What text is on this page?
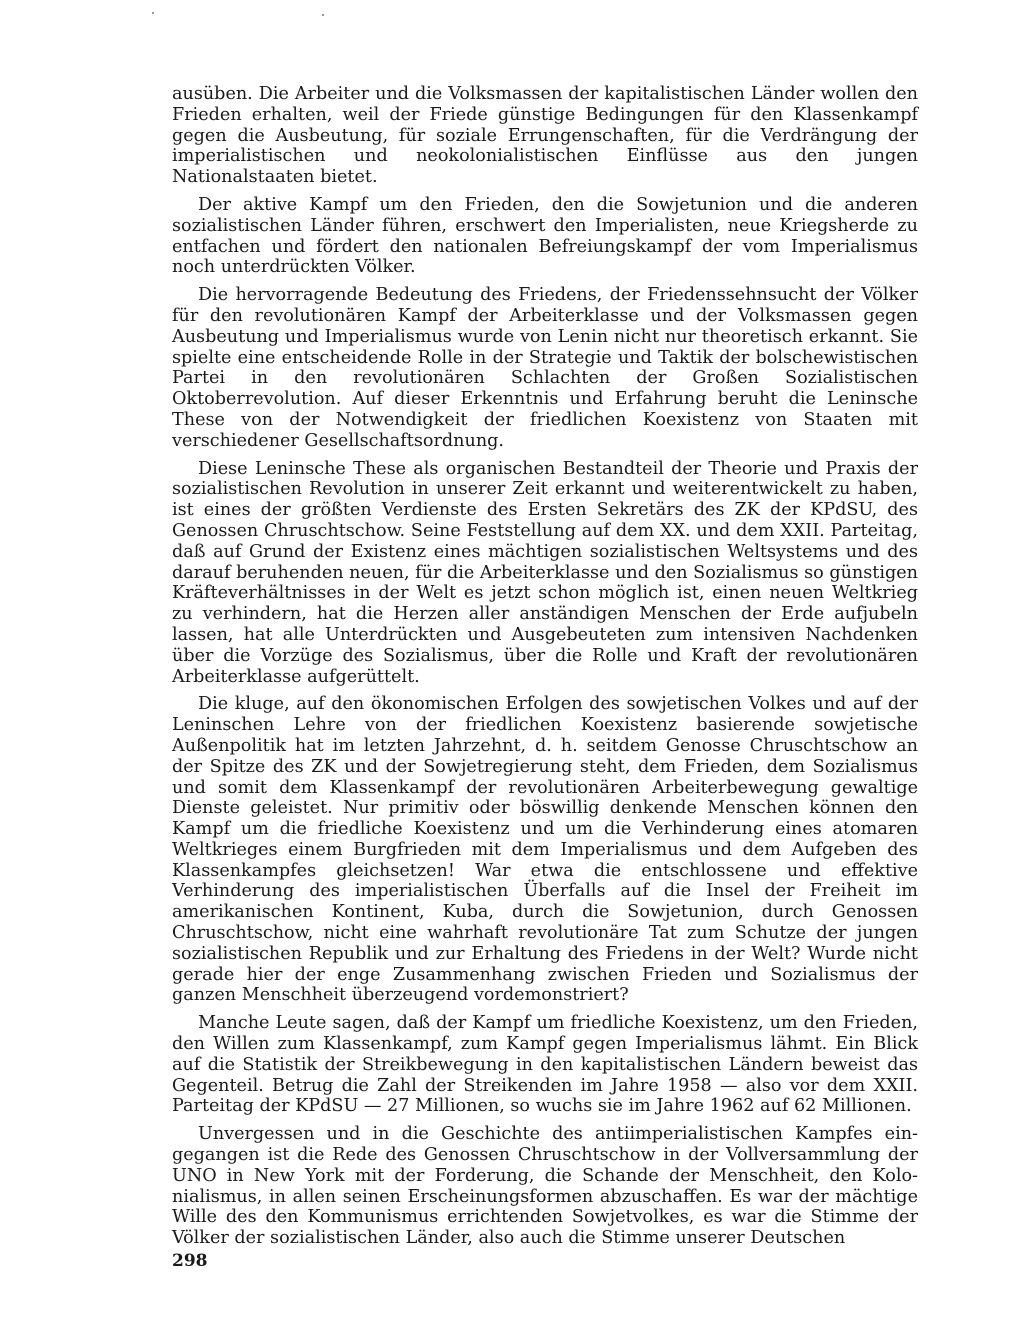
ausüben. Die Arbeiter und die Volksmassen der kapitalistischen Länder wollen den Frieden erhalten, weil der Friede günstige Bedingungen für den Klassenkampf gegen die Ausbeutung, für soziale Errungenschaften, für die Verdrängung der imperialistischen und neokolonialistischen Einflüsse aus den jungen Nationalstaaten bietet.

Der aktive Kampf um den Frieden, den die Sowjetunion und die anderen sozialistischen Länder führen, erschwert den Imperialisten, neue Kriegsherde zu entfachen und fördert den nationalen Befreiungskampf der vom Imperialismus noch unterdrückten Völker.

Die hervorragende Bedeutung des Friedens, der Friedenssehnsucht der Völker für den revolutionären Kampf der Arbeiterklasse und der Volksmassen gegen Ausbeutung und Imperialismus wurde von Lenin nicht nur theoretisch erkannt. Sie spielte eine entscheidende Rolle in der Strategie und Taktik der bolschewistischen Partei in den revolutionären Schlachten der Großen Sozialistischen Oktoberrevolution. Auf dieser Erkenntnis und Erfahrung beruht die Leninsche These von der Notwendigkeit der friedlichen Koexistenz von Staaten mit verschiedener Gesellschaftsordnung.

Diese Leninsche These als organischen Bestandteil der Theorie und Praxis der sozialistischen Revolution in unserer Zeit erkannt und weiterentwickelt zu haben, ist eines der größten Verdienste des Ersten Sekretärs des ZK der KPdSU, des Genossen Chruschtschow. Seine Feststellung auf dem XX. und dem XXII. Parteitag, daß auf Grund der Existenz eines mächtigen sozialistischen Weltsystems und des darauf beruhenden neuen, für die Arbeiterklasse und den Sozialismus so günstigen Kräfteverhältnisses in der Welt es jetzt schon möglich ist, einen neuen Weltkrieg zu verhindern, hat die Herzen aller anständigen Menschen der Erde aufjubeln lassen, hat alle Unterdrückten und Ausgebeuteten zum intensiven Nachdenken über die Vorzüge des Sozialismus, über die Rolle und Kraft der revolutionären Arbeiterklasse aufgerüttelt.

Die kluge, auf den ökonomischen Erfolgen des sowjetischen Volkes und auf der Leninschen Lehre von der friedlichen Koexistenz basierende sowjetische Außenpolitik hat im letzten Jahrzehnt, d. h. seitdem Genosse Chruschtschow an der Spitze des ZK und der Sowjetregierung steht, dem Frieden, dem Sozialismus und somit dem Klassenkampf der revolutionären Arbeiterbewegung gewaltige Dienste geleistet. Nur primitiv oder böswillig denkende Menschen können den Kampf um die friedliche Koexistenz und um die Verhinderung eines atomaren Weltkrieges einem Burgfrieden mit dem Imperialismus und dem Aufgeben des Klassenkampfes gleichsetzen! War etwa die entschlossene und effektive Verhinderung des imperialistischen Überfalls auf die Insel der Freiheit im amerikanischen Kontinent, Kuba, durch die Sowjetunion, durch Genossen Chruschtschow, nicht eine wahrhaft revolutionäre Tat zum Schutze der jungen sozialistischen Republik und zur Erhaltung des Friedens in der Welt? Wurde nicht gerade hier der enge Zusammenhang zwischen Frieden und Sozialismus der ganzen Menschheit überzeugend vordemonstriert?

Manche Leute sagen, daß der Kampf um friedliche Koexistenz, um den Frieden, den Willen zum Klassenkampf, zum Kampf gegen Imperialismus lähmt. Ein Blick auf die Statistik der Streikbewegung in den kapitalistischen Ländern beweist das Gegenteil. Betrug die Zahl der Streikenden im Jahre 1958 — also vor dem XXII. Parteitag der KPdSU — 27 Millionen, so wuchs sie im Jahre 1962 auf 62 Millionen.

Unvergessen und in die Geschichte des antiimperialistischen Kampfes eingegangen ist die Rede des Genossen Chruschtschow in der Vollversammlung der UNO in New York mit der Forderung, die Schande der Menschheit, den Kolonialismus, in allen seinen Erscheinungsformen abzuschaffen. Es war der mächtige Wille des den Kommunismus errichtenden Sowjetvolkes, es war die Stimme der Völker der sozialistischen Länder, also auch die Stimme unserer Deutschen

298
